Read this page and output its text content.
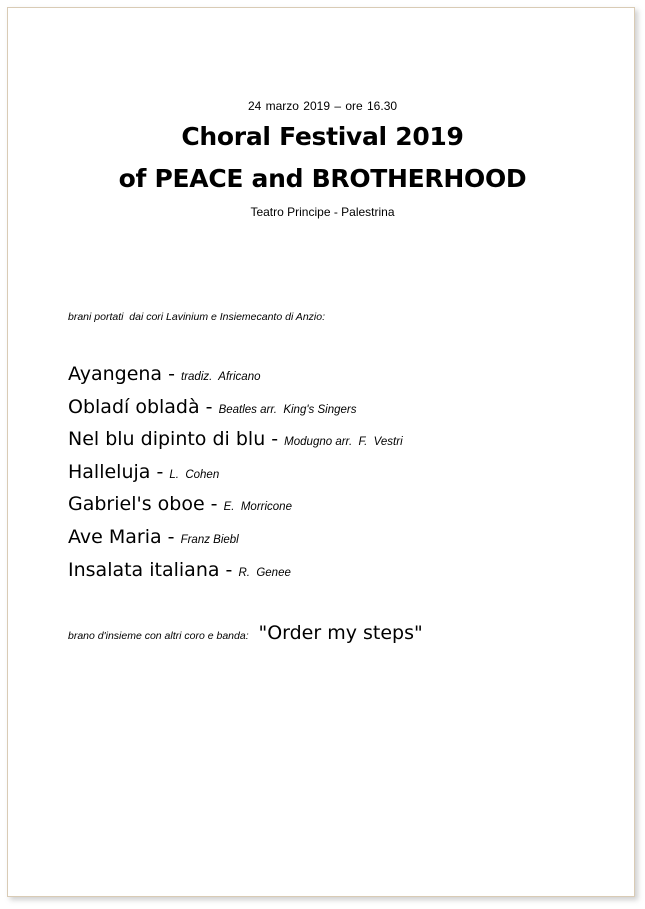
24 marzo 2019 – ore 16.30
Choral Festival 2019
of PEACE and BROTHERHOOD
Teatro Principe - Palestrina
brani portati  dai cori Lavinium e Insiemecanto di Anzio:
Ayangena - tradiz.  Africano
Obladí obladà - Beatles arr.  King's Singers
Nel blu dipinto di blu - Modugno arr.  F.  Vestri
Halleluja - L.  Cohen
Gabriel's oboe - E.  Morricone
Ave Maria - Franz Biebl
Insalata italiana - R.  Genee
brano d'insieme con altri coro e banda:  "Order my steps"
